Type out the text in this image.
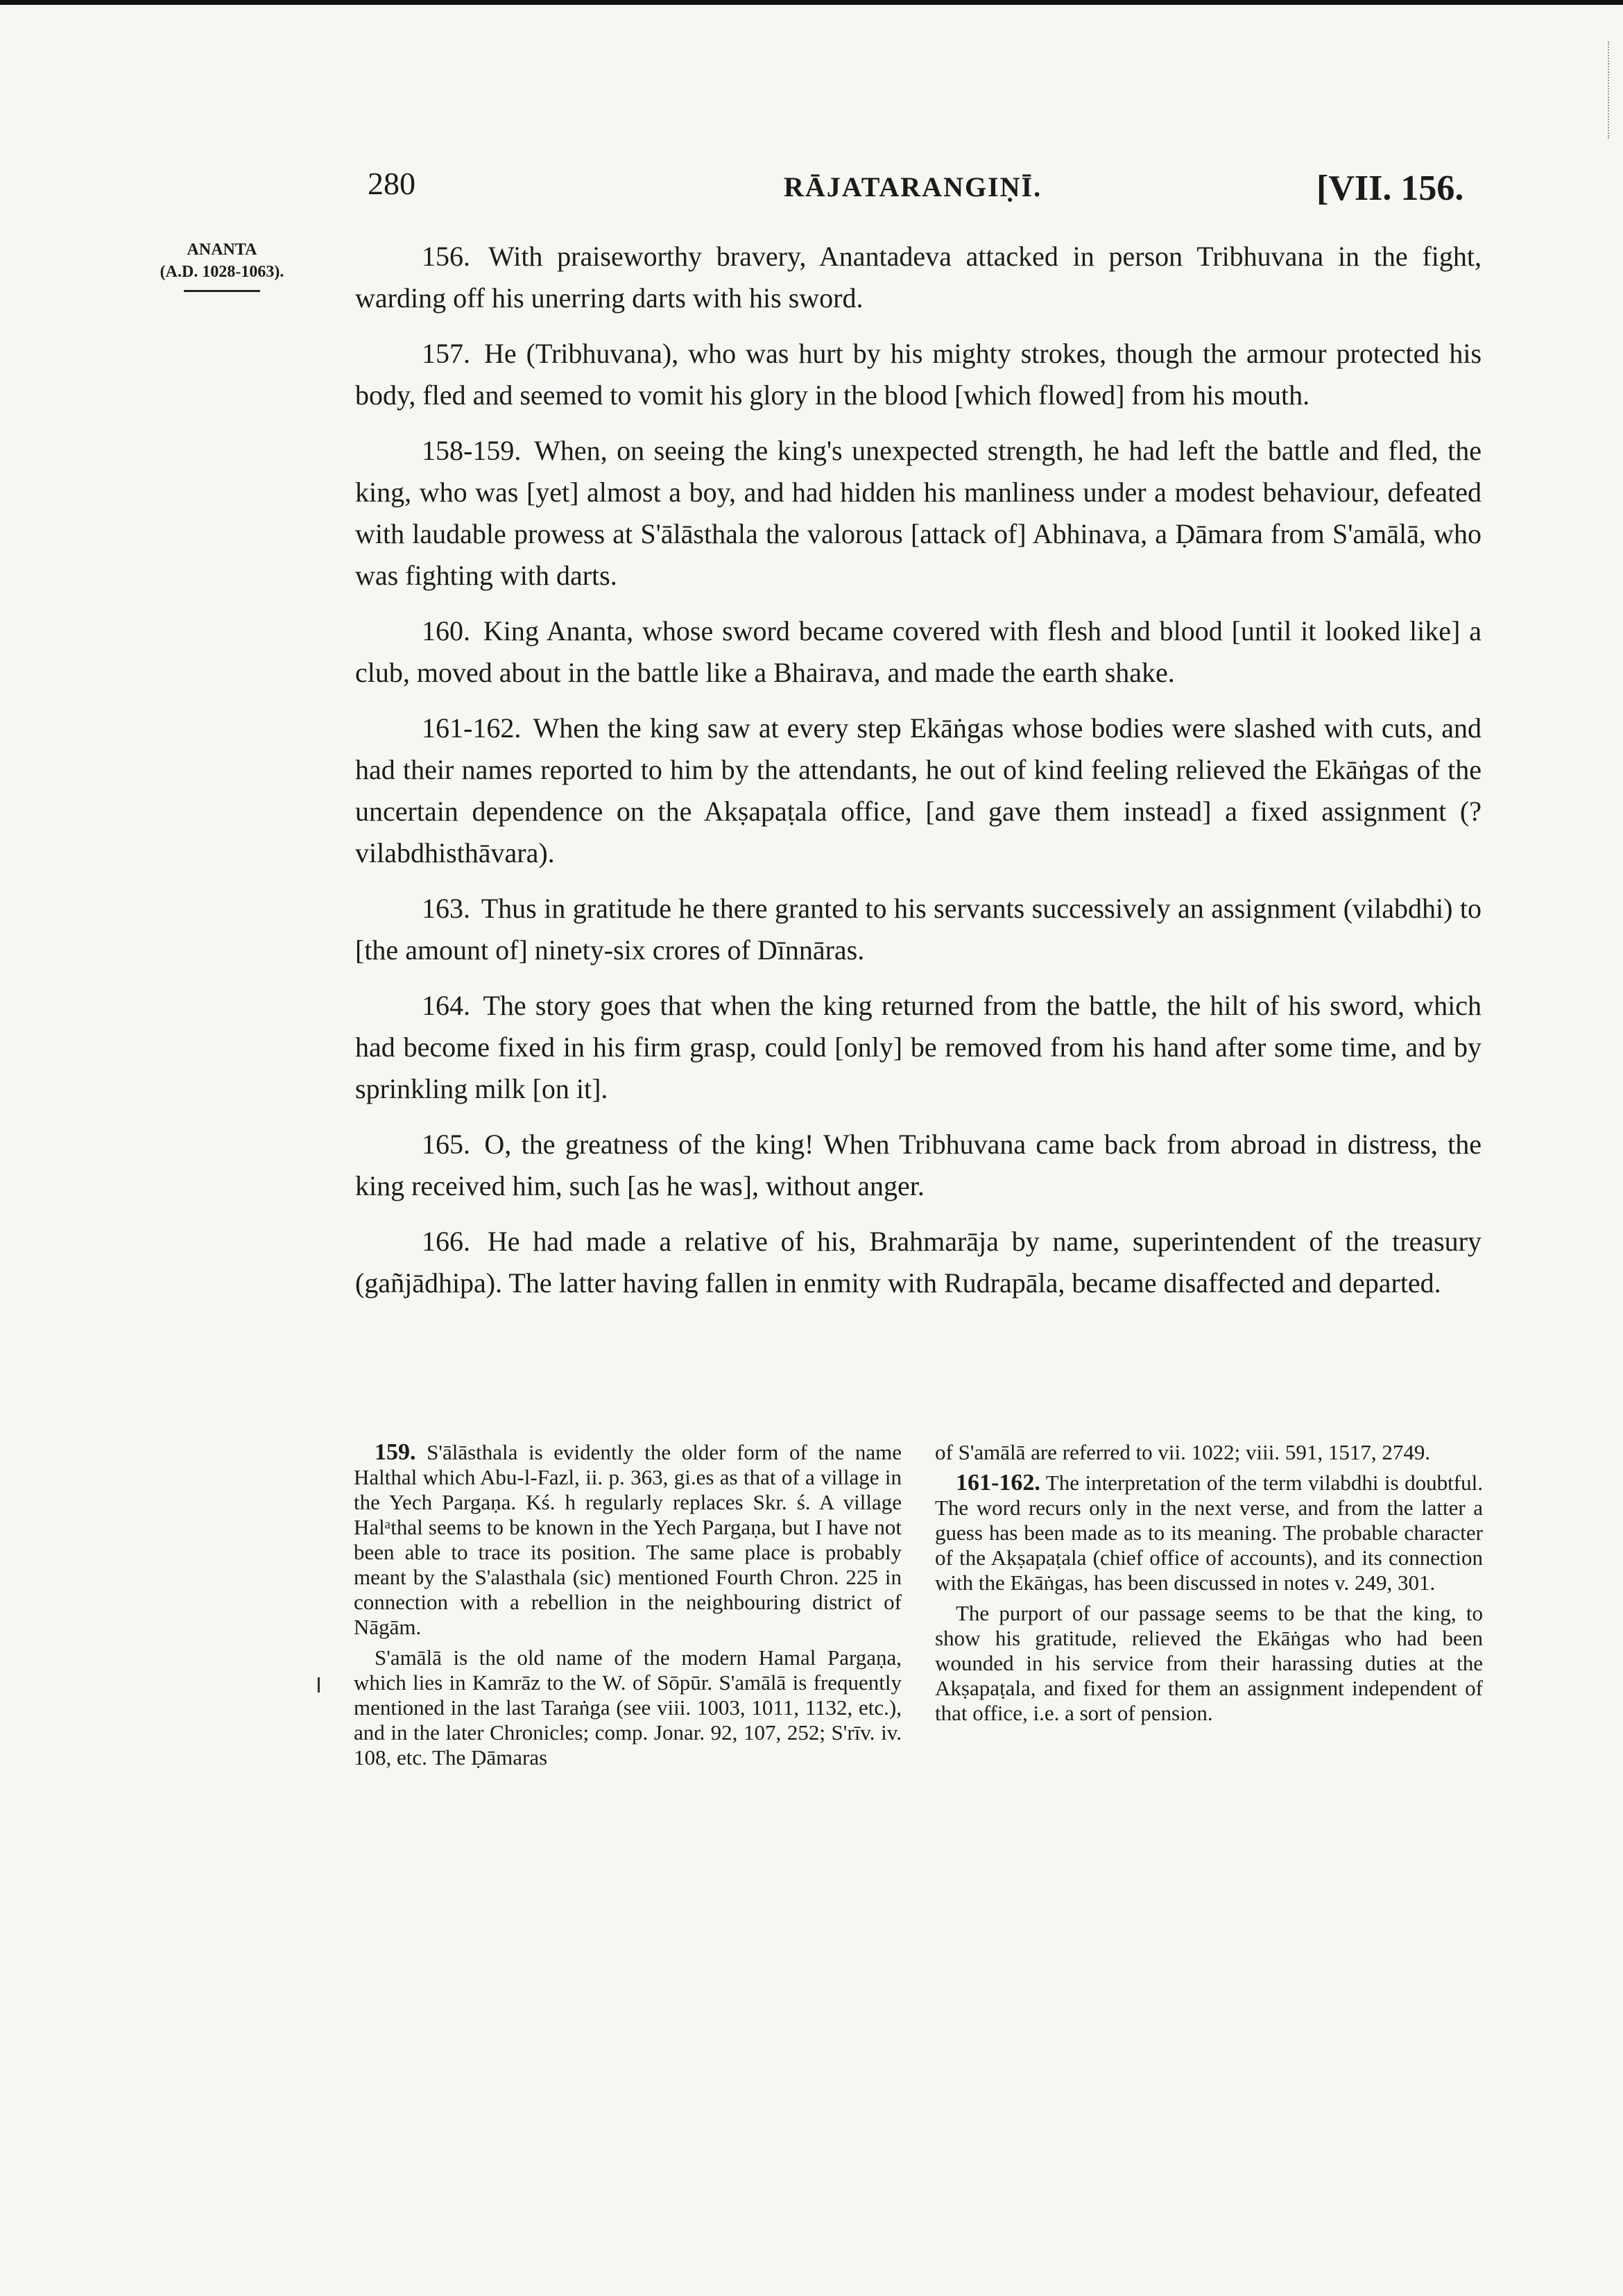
280	RĀJATARANGIṆĪ.	[VII. 156.
ANANTA
(A.D. 1028-1063).	156. With praiseworthy bravery, Anantadeva attacked in person Tribhuvana in the fight, warding off his unerring darts with his sword.

157. He (Tribhuvana), who was hurt by his mighty strokes, though the armour protected his body, fled and seemed to vomit his glory in the blood [which flowed] from his mouth.

158-159. When, on seeing the king's unexpected strength, he had left the battle and fled, the king, who was [yet] almost a boy, and had hidden his manliness under a modest behaviour, defeated with laudable prowess at S'ālāsthala the valorous [attack of] Abhinava, a Ḍāmara from S'amālā, who was fighting with darts.

160. King Ananta, whose sword became covered with flesh and blood [until it looked like] a club, moved about in the battle like a Bhairava, and made the earth shake.

161-162. When the king saw at every step Ekāṅgas whose bodies were slashed with cuts, and had their names reported to him by the attendants, he out of kind feeling relieved the Ekāṅgas of the uncertain dependence on the Akṣapaṭala office, [and gave them instead] a fixed assignment (? vilabdhisthāvara).

163. Thus in gratitude he there granted to his servants successively an assignment (vilabdhi) to [the amount of] ninety-six crores of Dīnnāras.

164. The story goes that when the king returned from the battle, the hilt of his sword, which had become fixed in his firm grasp, could [only] be removed from his hand after some time, and by sprinkling milk [on it].

165. O, the greatness of the king! When Tribhuvana came back from abroad in distress, the king received him, such [as he was], without anger.

166. He had made a relative of his, Brahmarāja by name, superintendent of the treasury (gañjādhipa). The latter having fallen in enmity with Rudrapāla, became disaffected and departed.

159. S'ālāsthala is evidently the older form of the name Halthal which Abu-l-Fazl, ii. p. 363, gi.es as that of a village in the Yech Pargaṇa. Kś. h regularly replaces Skr. ś. A village Halᵃthal seems to be known in the Yech Pargaṇa, but I have not been able to trace its position. The same place is probably meant by the S'alasthala (sic) mentioned Fourth Chron. 225 in connection with a rebellion in the neighbouring district of Nāgām.

S'amālā is the old name of the modern Hamal Pargaṇa, which lies in Kamrāz to the W. of Sōpūr. S'amālā is frequently mentioned in the last Taraṅga (see viii. 1003, 1011, 1132, etc.), and in the later Chronicles; comp. Jonar. 92, 107, 252; S'rīv. iv. 108, etc. The Ḍāmaras

of S'amālā are referred to vii. 1022; viii. 591, 1517, 2749.

161-162. The interpretation of the term vilabdhi is doubtful. The word recurs only in the next verse, and from the latter a guess has been made as to its meaning. The probable character of the Akṣapaṭala (chief office of accounts), and its connection with the Ekāṅgas, has been discussed in notes v. 249, 301.

The purport of our passage seems to be that the king, to show his gratitude, relieved the Ekāṅgas who had been wounded in his service from their harassing duties at the Akṣapaṭala, and fixed for them an assignment independent of that office, i.e. a sort of pension.
